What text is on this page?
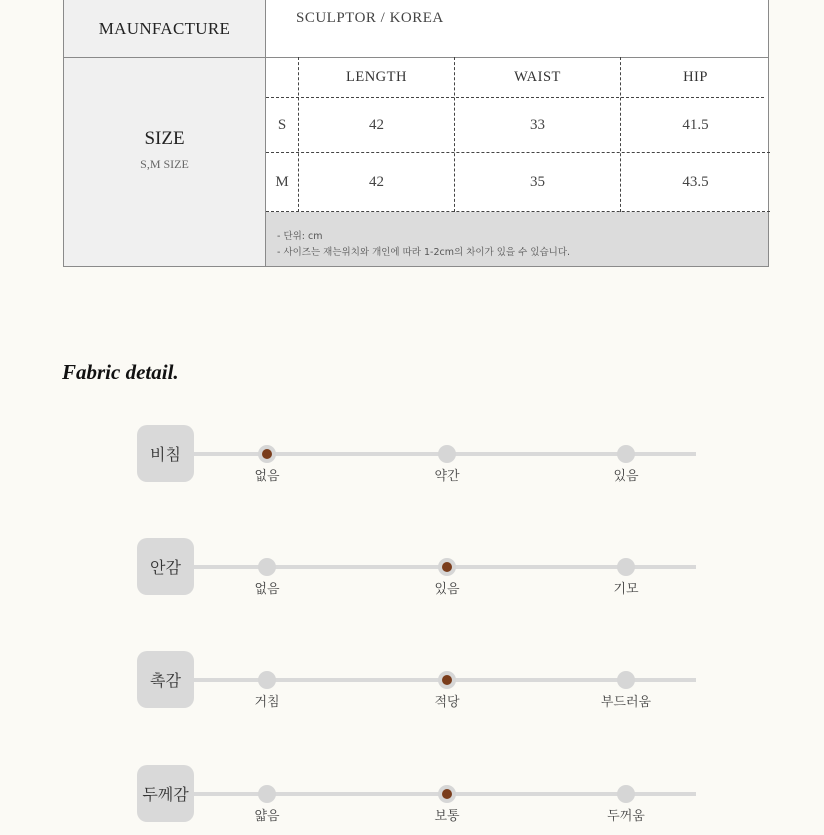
MAUNFACTURE
SCULPTOR / KOREA
SIZE
S,M SIZE
LENGTH	WAIST	HIP
S	42	33	41.5
M	42	35	43.5
- 단위: cm
- 사이즈는 재는위치와 개인에 따라 1-2cm의 차이가 있을 수 있습니다.
Fabric detail.
비침
없음	약간	있음
안감
없음	있음	기모
촉감
거침	적당	부드러움
두께감
얇음	보통	두꺼움
